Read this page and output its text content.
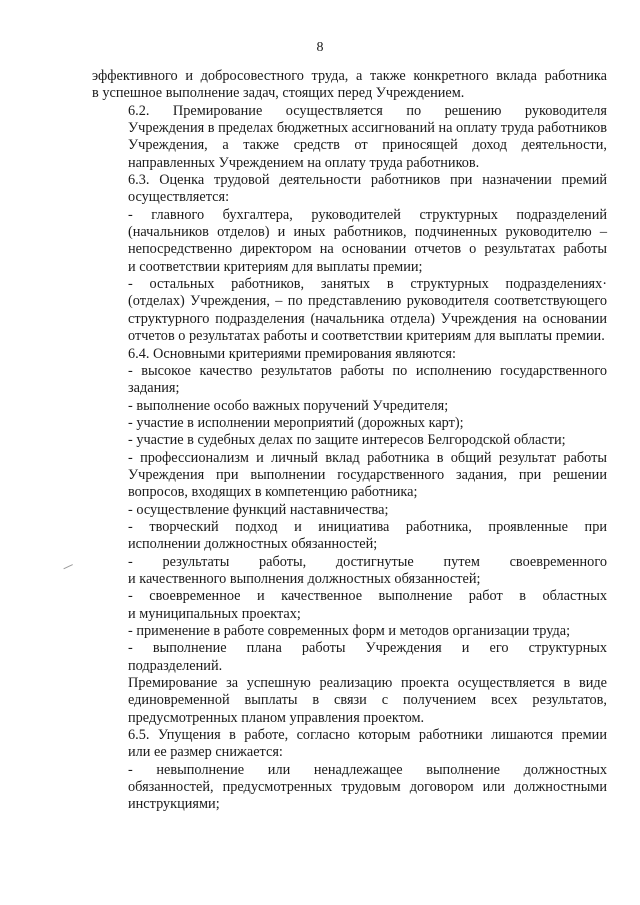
8
эффективного и добросовестного труда, а также конкретного вклада работника
в успешное выполнение задач, стоящих перед Учреждением.
6.2. Премирование осуществляется по решению руководителя
Учреждения в пределах бюджетных ассигнований на оплату труда работников
Учреждения, а также средств от приносящей доход деятельности,
направленных Учреждением на оплату труда работников.
6.3. Оценка трудовой деятельности работников при назначении премий
осуществляется:
- главного бухгалтера, руководителей структурных подразделений
(начальников отделов) и иных работников, подчиненных руководителю –
непосредственно директором на основании отчетов о результатах работы
и соответствии критериям для выплаты премии;
- остальных работников, занятых в структурных подразделениях·
(отделах) Учреждения, – по представлению руководителя соответствующего
структурного подразделения (начальника отдела) Учреждения на основании
отчетов о результатах работы и соответствии критериям для выплаты премии.
6.4. Основными критериями премирования являются:
- высокое качество результатов работы по исполнению государственного
задания;
- выполнение особо важных поручений Учредителя;
- участие в исполнении мероприятий (дорожных карт);
- участие в судебных делах по защите интересов Белгородской области;
- профессионализм и личный вклад работника в общий результат работы
Учреждения при выполнении государственного задания, при решении
вопросов, входящих в компетенцию работника;
- осуществление функций наставничества;
- творческий подход и инициатива работника, проявленные при
исполнении должностных обязанностей;
- результаты работы, достигнутые путем своевременного
и качественного выполнения должностных обязанностей;
- своевременное и качественное выполнение работ в областных
и муниципальных проектах;
- применение в работе современных форм и методов организации труда;
- выполнение плана работы Учреждения и его структурных
подразделений.
Премирование за успешную реализацию проекта осуществляется в виде
единовременной выплаты в связи с получением всех результатов,
предусмотренных планом управления проектом.
6.5. Упущения в работе, согласно которым работники лишаются премии
или ее размер снижается:
- невыполнение или ненадлежащее выполнение должностных
обязанностей, предусмотренных трудовым договором или должностными
инструкциями;
